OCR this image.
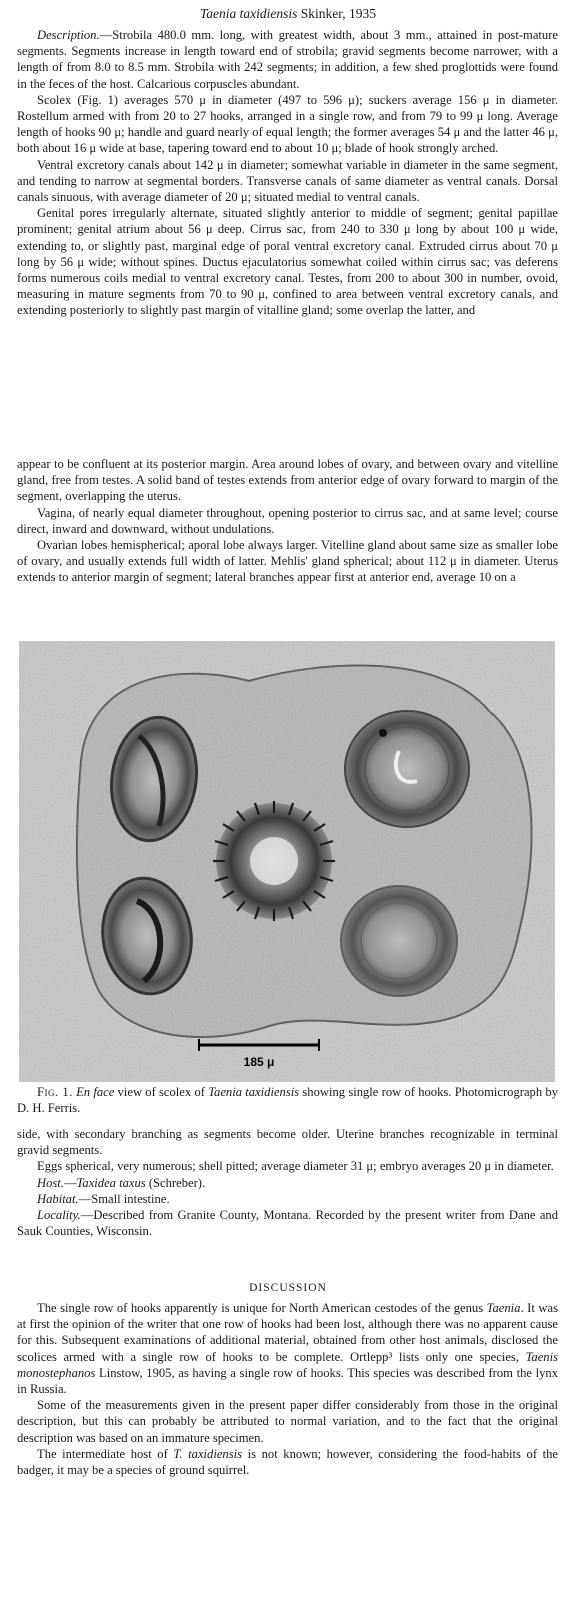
Taenia taxidiensis Skinker, 1935

Description.—Strobila 480.0 mm. long, with greatest width, about 3 mm., attained in post-mature segments. Segments increase in length toward end of strobila; gravid segments become narrower, with a length of from 8.0 to 8.5 mm. Strobila with 242 segments; in addition, a few shed proglottids were found in the feces of the host. Calcarious corpuscles abundant.

Scolex (Fig. 1) averages 570 μ in diameter (497 to 596 μ); suckers average 156 μ in diameter. Rostellum armed with from 20 to 27 hooks, arranged in a single row, and from 79 to 99 μ long. Average length of hooks 90 μ; handle and guard nearly of equal length; the former averages 54 μ and the latter 46 μ, both about 16 μ wide at base, tapering toward end to about 10 μ; blade of hook strongly arched.

Ventral excretory canals about 142 μ in diameter; somewhat variable in diameter in the same segment, and tending to narrow at segmental borders. Transverse canals of same diameter as ventral canals. Dorsal canals sinuous, with average diameter of 20 μ; situated medial to ventral canals.

Genital pores irregularly alternate, situated slightly anterior to middle of segment; genital papillae prominent; genital atrium about 56 μ deep. Cirrus sac, from 240 to 330 μ long by about 100 μ wide, extending to, or slightly past, marginal edge of poral ventral excretory canal. Extruded cirrus about 70 μ long by 56 μ wide; without spines. Ductus ejaculatorius somewhat coiled within cirrus sac; vas deferens forms numerous coils medial to ventral excretory canal. Testes, from 200 to about 300 in number, ovoid, measuring in mature segments from 70 to 90 μ, confined to area between ventral excretory canals, and extending posteriorly to slightly past margin of vitalline gland; some overlap the latter, and

appear to be confluent at its posterior margin. Area around lobes of ovary, and between ovary and vitelline gland, free from testes. A solid band of testes extends from anterior edge of ovary forward to margin of the segment, overlapping the uterus.

Vagina, of nearly equal diameter throughout, opening posterior to cirrus sac, and at same level; course direct, inward and downward, without undulations.

Ovarian lobes hemispherical; aporal lobe always larger. Vitelline gland about same size as smaller lobe of ovary, and usually extends full width of latter. Mehlis' gland spherical; about 112 μ in diameter. Uterus extends to anterior margin of segment; lateral branches appear first at anterior end, average 10 on a

185 μ
Fig. 1. En face view of scolex of Taenia taxidiensis showing single row of hooks. Photomicrograph by D. H. Ferris.

side, with secondary branching as segments become older. Uterine branches recognizable in terminal gravid segments.

Eggs spherical, very numerous; shell pitted; average diameter 31 μ; embryo averages 20 μ in diameter.

Host.—Taxidea taxus (Schreber).

Habitat.—Small intestine.

Locality.—Described from Granite County, Montana. Recorded by the present writer from Dane and Sauk Counties, Wisconsin.

DISCUSSION

The single row of hooks apparently is unique for North American cestodes of the genus Taenia. It was at first the opinion of the writer that one row of hooks had been lost, although there was no apparent cause for this. Subsequent examinations of additional material, obtained from other host animals, disclosed the scolices armed with a single row of hooks to be complete. Ortlepp³ lists only one species, Taenis monostephanos Linstow, 1905, as having a single row of hooks. This species was described from the lynx in Russia.

Some of the measurements given in the present paper differ considerably from those in the original description, but this can probably be attributed to normal variation, and to the fact that the original description was based on an immature specimen.

The intermediate host of T. taxidiensis is not known; however, considering the food-habits of the badger, it may be a species of ground squirrel.
